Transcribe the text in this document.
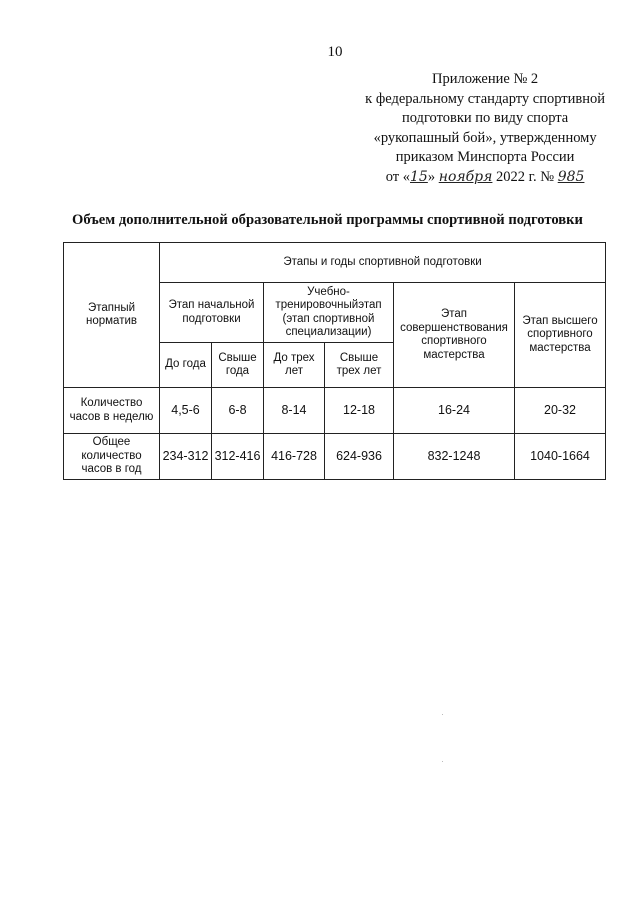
10
Приложение № 2
к федеральному стандарту спортивной
подготовки по виду спорта
«рукопашный бой», утвержденному
приказом Минспорта России
от «15» ноября 2022 г. № 985
Объем дополнительной образовательной программы спортивной подготовки
Этапный норматив	Этапы и годы спортивной подготовки					
	Этап начальной подготовки		Учебно-тренировочныйэтап (этап спортивной специализации)		Этап совершенствования спортивного мастерства	Этап высшего спортивного мастерства
	До года	Свыше года	До трех лет	Свыше трех лет		
Количество часов в неделю	4,5-6	6-8	8-14	12-18	16-24	20-32
Общее количество часов в год	234-312	312-416	416-728	624-936	832-1248	1040-1664
